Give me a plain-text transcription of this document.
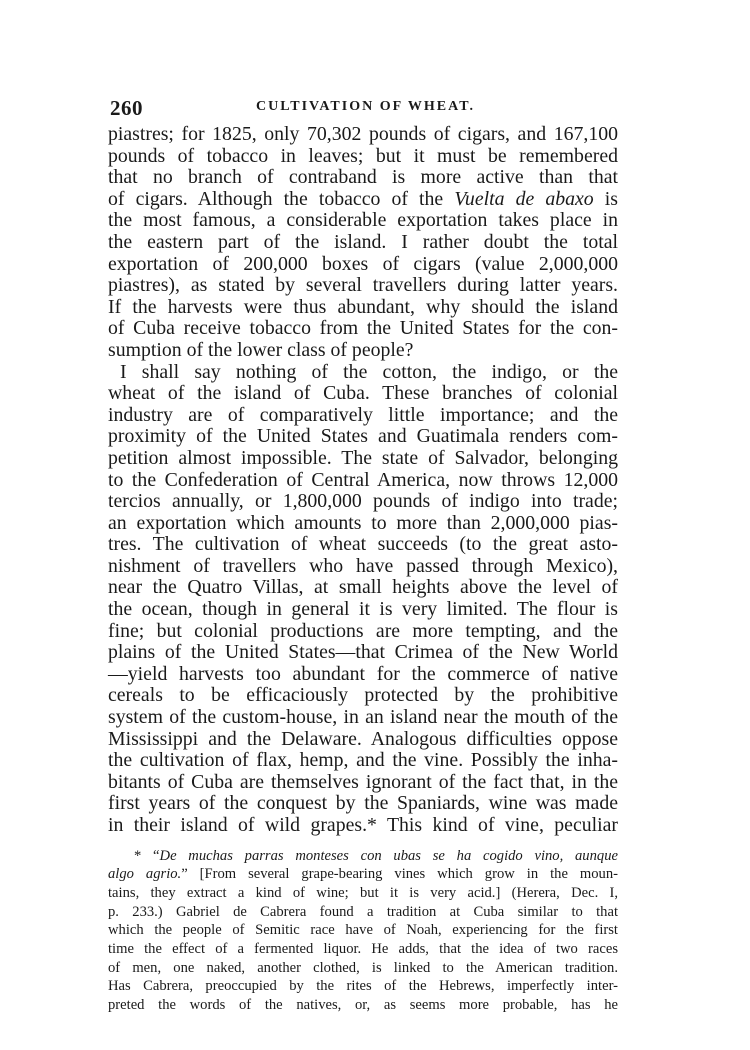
260	CULTIVATION OF WHEAT.
piastres; for 1825, only 70,302 pounds of cigars, and 167,100
pounds of tobacco in leaves; but it must be remembered
that no branch of contraband is more active than that
of cigars. Although the tobacco of the Vuelta de abaxo is
the most famous, a considerable exportation takes place in
the eastern part of the island. I rather doubt the total
exportation of 200,000 boxes of cigars (value 2,000,000
piastres), as stated by several travellers during latter years.
If the harvests were thus abundant, why should the island
of Cuba receive tobacco from the United States for the con-
sumption of the lower class of people?
I shall say nothing of the cotton, the indigo, or the
wheat of the island of Cuba. These branches of colonial
industry are of comparatively little importance; and the
proximity of the United States and Guatimala renders com-
petition almost impossible. The state of Salvador, belonging
to the Confederation of Central America, now throws 12,000
tercios annually, or 1,800,000 pounds of indigo into trade;
an exportation which amounts to more than 2,000,000 pias-
tres. The cultivation of wheat succeeds (to the great asto-
nishment of travellers who have passed through Mexico),
near the Quatro Villas, at small heights above the level of
the ocean, though in general it is very limited. The flour is
fine; but colonial productions are more tempting, and the
plains of the United States—that Crimea of the New World
—yield harvests too abundant for the commerce of native
cereals to be efficaciously protected by the prohibitive
system of the custom-house, in an island near the mouth of the
Mississippi and the Delaware. Analogous difficulties oppose
the cultivation of flax, hemp, and the vine. Possibly the inha-
bitants of Cuba are themselves ignorant of the fact that, in the
first years of the conquest by the Spaniards, wine was made
in their island of wild grapes.* This kind of vine, peculiar
* “De muchas parras monteses con ubas se ha cogido vino, aunque
algo agrio.” [From several grape-bearing vines which grow in the moun-
tains, they extract a kind of wine; but it is very acid.] (Herera, Dec. I,
p. 233.) Gabriel de Cabrera found a tradition at Cuba similar to that
which the people of Semitic race have of Noah, experiencing for the first
time the effect of a fermented liquor. He adds, that the idea of two races
of men, one naked, another clothed, is linked to the American tradition.
Has Cabrera, preoccupied by the rites of the Hebrews, imperfectly inter-
preted the words of the natives, or, as seems more probable, has he
